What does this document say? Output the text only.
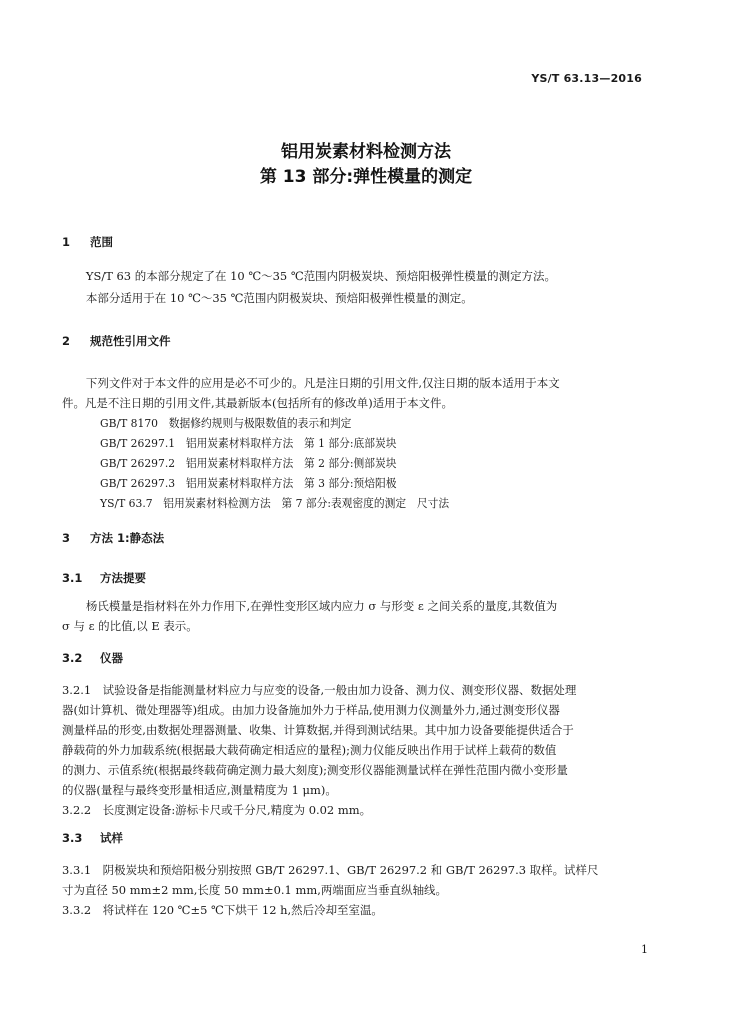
YS/T 63.13—2016
铝用炭素材料检测方法
第 13 部分:弹性模量的测定
1 范围
YS/T 63 的本部分规定了在 10 ℃～35 ℃范围内阴极炭块、预焙阳极弹性模量的测定方法。
本部分适用于在 10 ℃～35 ℃范围内阴极炭块、预焙阳极弹性模量的测定。
2 规范性引用文件
下列文件对于本文件的应用是必不可少的。凡是注日期的引用文件,仅注日期的版本适用于本文
件。凡是不注日期的引用文件,其最新版本(包括所有的修改单)适用于本文件。
GB/T 8170　数据修约规则与极限数值的表示和判定
GB/T 26297.1　铝用炭素材料取样方法　第 1 部分:底部炭块
GB/T 26297.2　铝用炭素材料取样方法　第 2 部分:侧部炭块
GB/T 26297.3　铝用炭素材料取样方法　第 3 部分:预焙阳极
YS/T 63.7　铝用炭素材料检测方法　第 7 部分:表观密度的测定　尺寸法
3 方法 1:静态法
3.1 方法提要
杨氏模量是指材料在外力作用下,在弹性变形区域内应力 σ 与形变 ε 之间关系的量度,其数值为
σ 与 ε 的比值,以 E 表示。
3.2 仪器
3.2.1　试验设备是指能测量材料应力与应变的设备,一般由加力设备、测力仪、测变形仪器、数据处理
器(如计算机、微处理器等)组成。由加力设备施加外力于样品,使用测力仪测量外力,通过测变形仪器
测量样品的形变,由数据处理器测量、收集、计算数据,并得到测试结果。其中加力设备要能提供适合于
静载荷的外力加载系统(根据最大载荷确定相适应的量程);测力仪能反映出作用于试样上载荷的数值
的测力、示值系统(根据最终载荷确定测力最大刻度);测变形仪器能测量试样在弹性范围内微小变形量
的仪器(量程与最终变形量相适应,测量精度为 1 μm)。
3.2.2　长度测定设备:游标卡尺或千分尺,精度为 0.02 mm。
3.3 试样
3.3.1　阴极炭块和预焙阳极分别按照 GB/T 26297.1、GB/T 26297.2 和 GB/T 26297.3 取样。试样尺
寸为直径 50 mm±2 mm,长度 50 mm±0.1 mm,两端面应当垂直纵轴线。
3.3.2　将试样在 120 ℃±5 ℃下烘干 12 h,然后冷却至室温。
1
